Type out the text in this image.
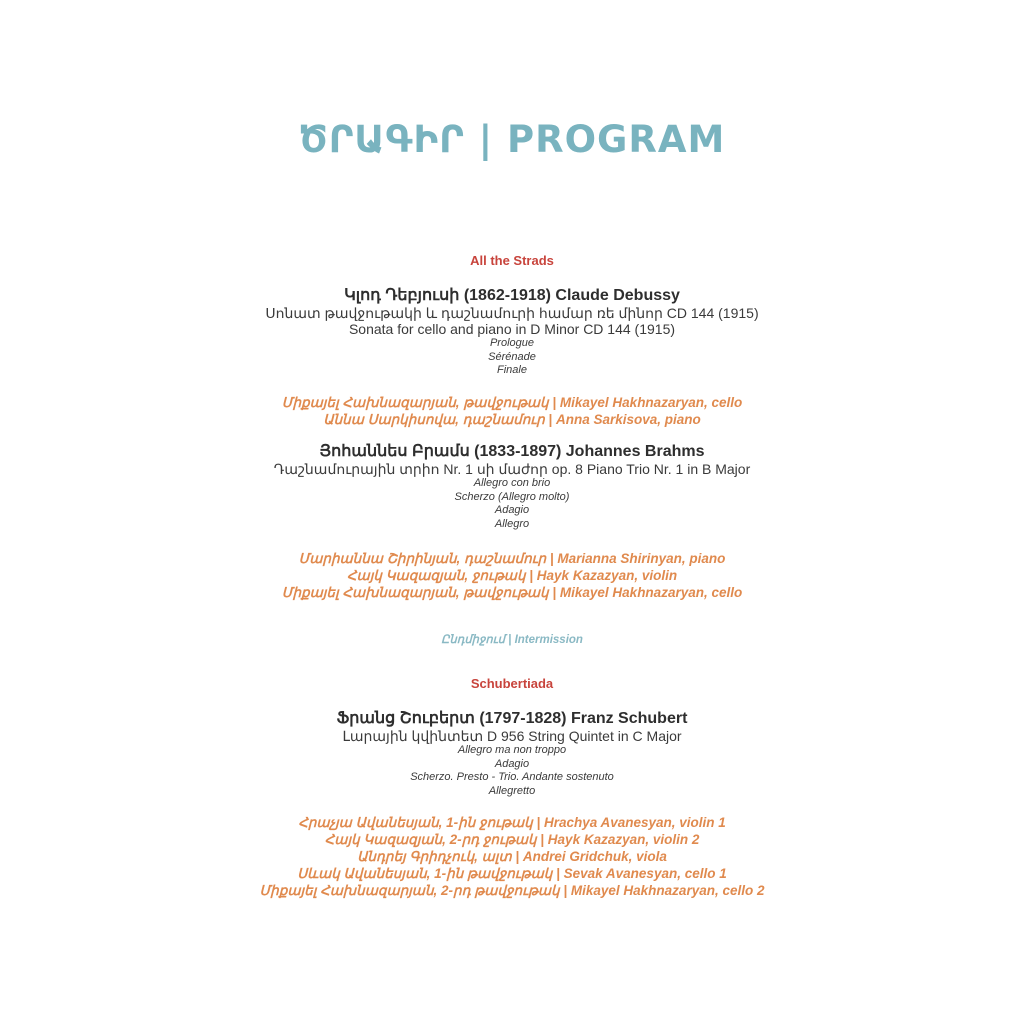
ԾՐԱԳԻՐ | PROGRAM
All the Strads
Կլոդ Դեբյուսի (1862-1918) Claude Debussy
Սոնատ թավջութակի և դաշնամուրի համար ռե մինոր CD 144 (1915)
Sonata for cello and piano in D Minor CD 144 (1915)
Prologue
Sérénade
Finale
Միքայել Հախնազարյան, թավջութակ | Mikayel Hakhnazaryan, cello
Աննա Սարկիսովա, դաշնամուր | Anna Sarkisova, piano
Յոհաննես Բրամս (1833-1897) Johannes Brahms
Դաշնամուրային տրիո Nr. 1 սի մաժոր op. 8 Piano Trio Nr. 1 in B Major
Allegro con brio
Scherzo (Allegro molto)
Adagio
Allegro
Մարիաննա Շիրինյան, դաշնամուր | Marianna Shirinyan, piano
Հայկ Կազազյան, ջութակ | Hayk Kazazyan, violin
Միքայել Հախնազարյան, թավջութակ | Mikayel Hakhnazaryan, cello
Ընդմիջում | Intermission
Schubertiada
Ֆրանց Շուբերտ (1797-1828) Franz Schubert
Լարային կվինտետ D 956 String Quintet in C Major
Allegro ma non troppo
Adagio
Scherzo. Presto - Trio. Andante sostenuto
Allegretto
Հրաչյա Ավանեսյան, 1-ին ջութակ | Hrachya Avanesyan, violin 1
Հայկ Կազազյան, 2-րդ ջութակ | Hayk Kazazyan, violin 2
Անդրեյ Գրիդչուկ, ալտ | Andrei Gridchuk, viola
Սևակ Ավանեսյան, 1-ին թավջութակ | Sevak Avanesyan, cello 1
Միքայել Հախնազարյան, 2-րդ թավջութակ | Mikayel Hakhnazaryan, cello 2
